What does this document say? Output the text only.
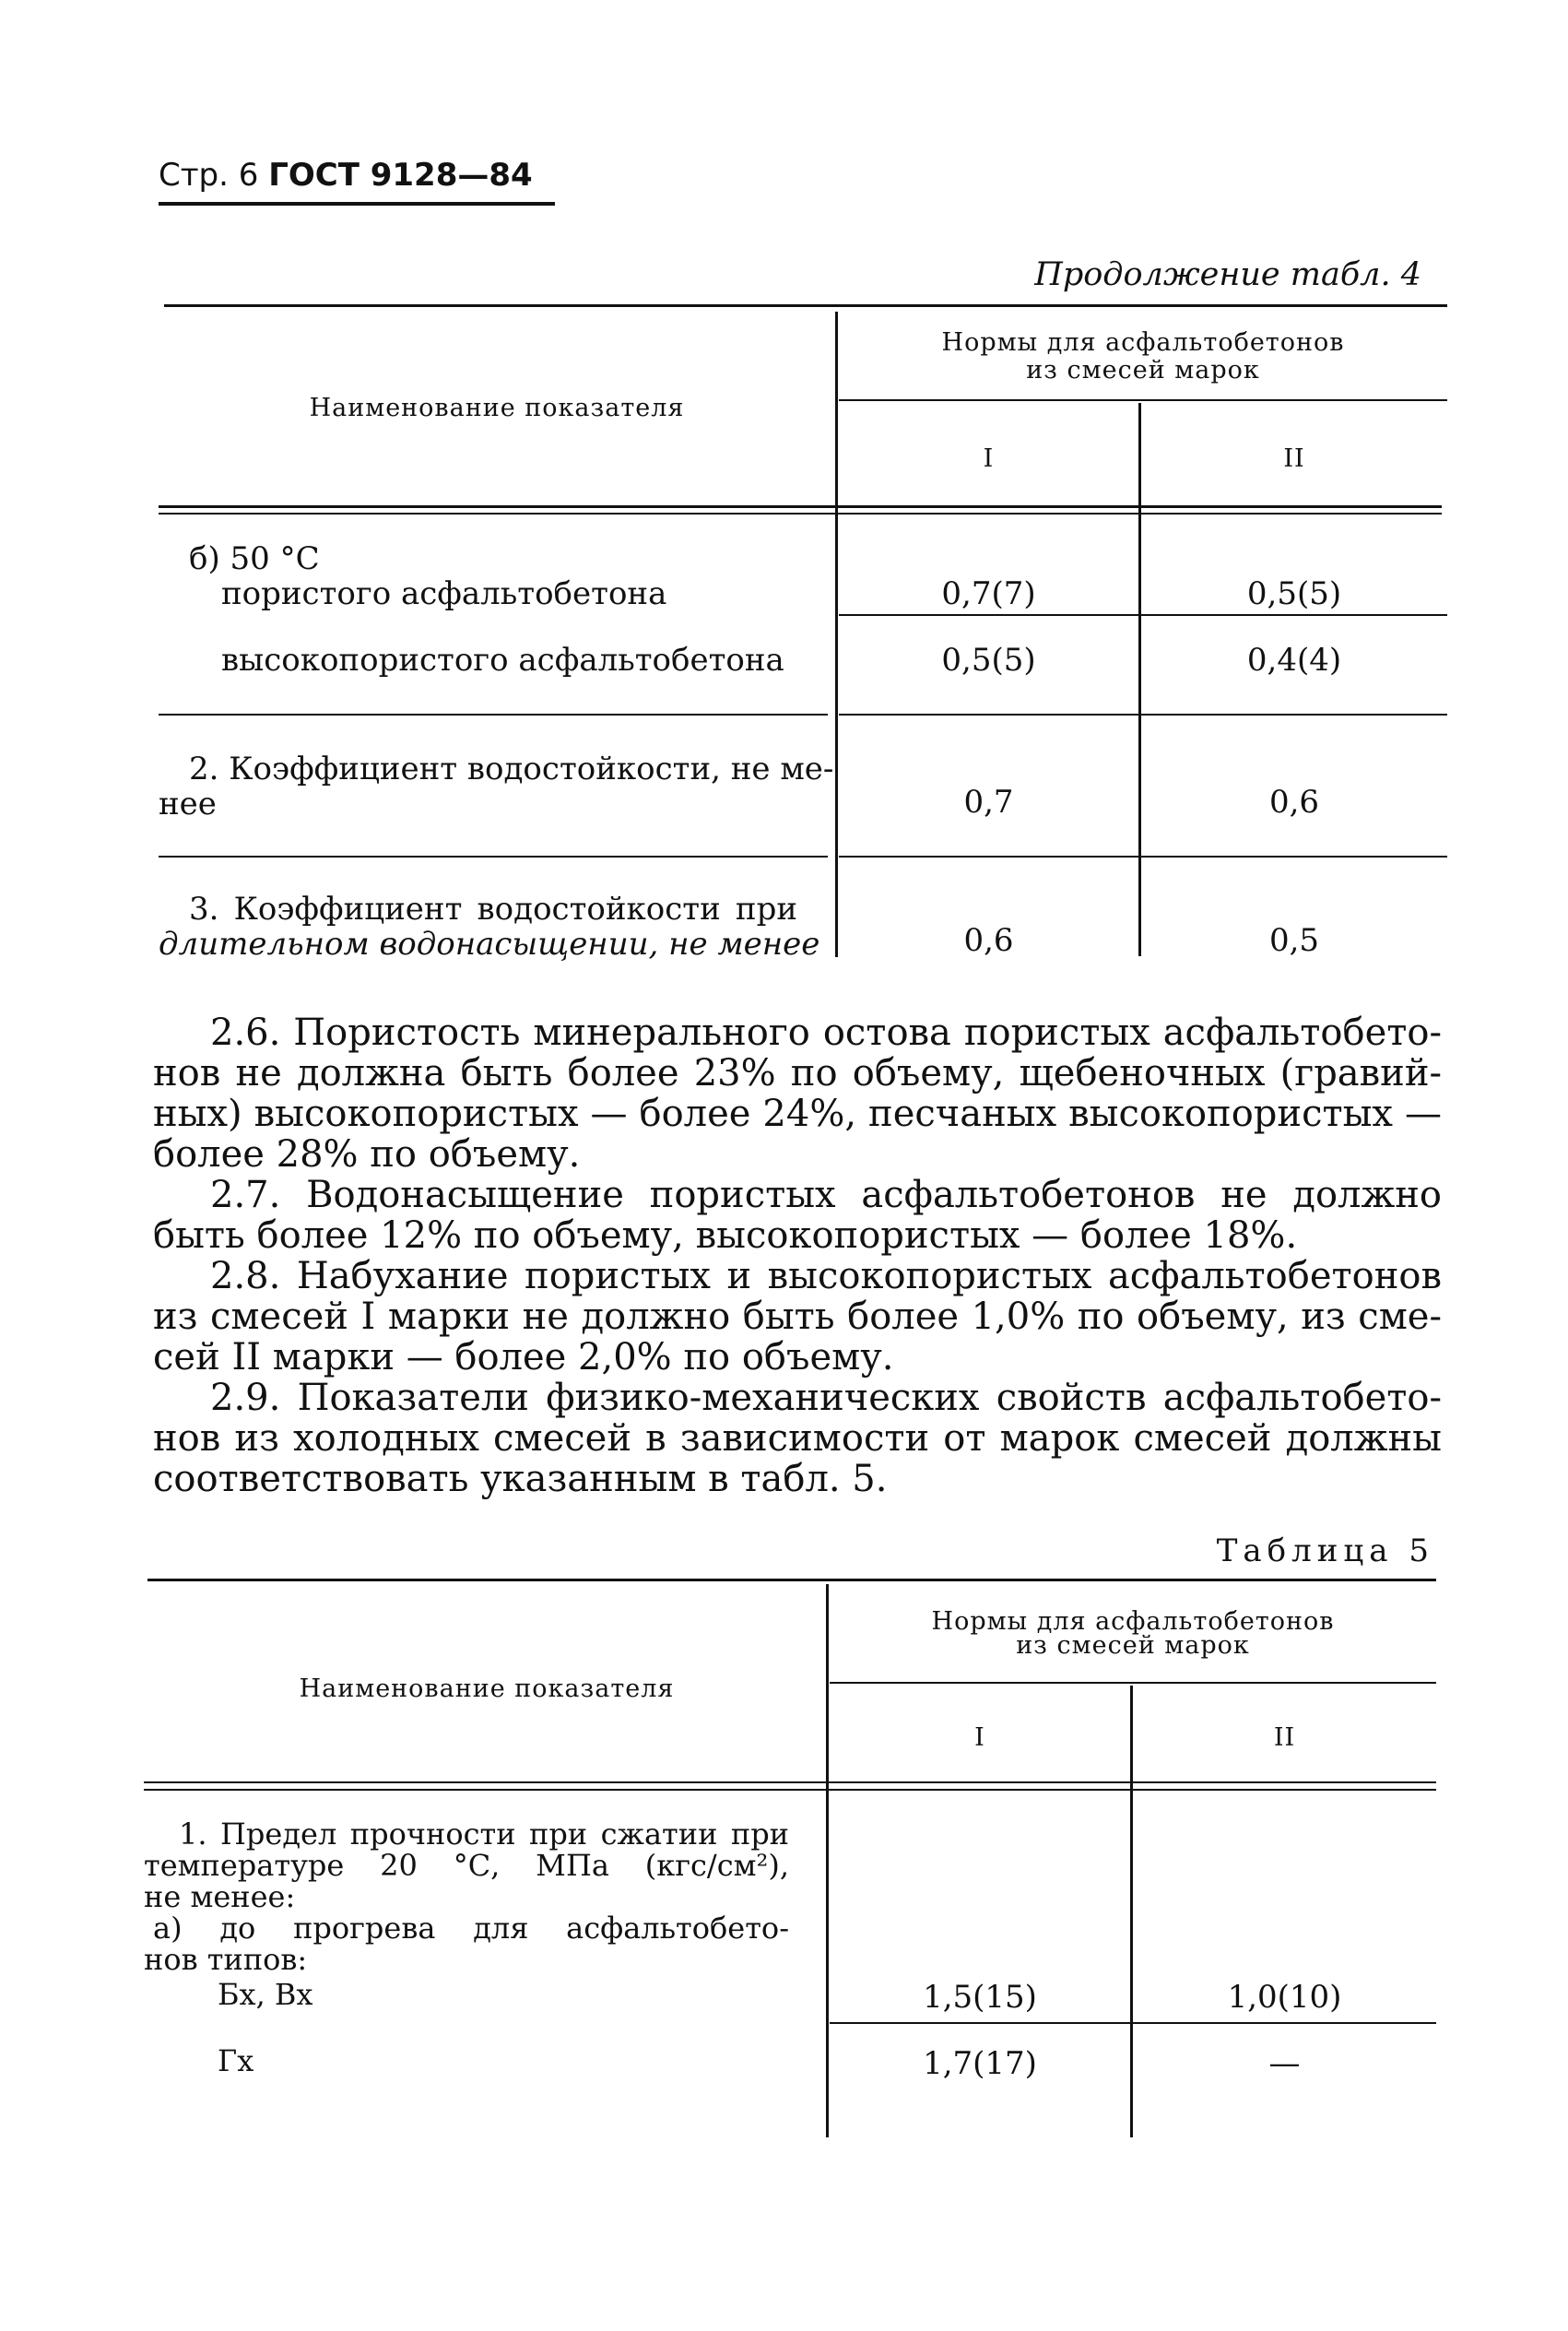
Стр. 6 ГОСТ 9128—84
Продолжение табл. 4
Наименование показателя
Нормы для асфальтобетонов из смесей марок
I	II
б) 50 °С
пористого асфальтобетона	0,7(7)	0,5(5)
высокопористого асфальтобетона	0,5(5)	0,4(4)
2. Коэффициент водостойкости, не ме-
нее	0,7	0,6
3. Коэффициент водостойкости при
длительном водонасыщении, не менее	0,6	0,5
2.6. Пористость минерального остова пористых асфальтобето-
нов не должна быть более 23% по объему, щебеночных (гравий-
ных) высокопористых — более 24%, песчаных высокопористых —
более 28% по объему.
2.7. Водонасыщение пористых асфальтобетонов не должно
быть более 12% по объему, высокопористых — более 18%.
2.8. Набухание пористых и высокопористых асфальтобетонов
из смесей I марки не должно быть более 1,0% по объему, из сме-
сей II марки — более 2,0% по объему.
2.9. Показатели физико-механических свойств асфальтобето-
нов из холодных смесей в зависимости от марок смесей должны
соответствовать указанным в табл. 5.
Таблица 5
Наименование показателя
Нормы для асфальтобетонов
из смесей марок
I	II
1. Предел прочности при сжатии при
температуре 20 °С, МПа (кгс/см²),
не менее:
а) до прогрева для асфальтобето-
нов типов:
Бх, Вх	1,5(15)	1,0(10)
Гх	1,7(17)	—
